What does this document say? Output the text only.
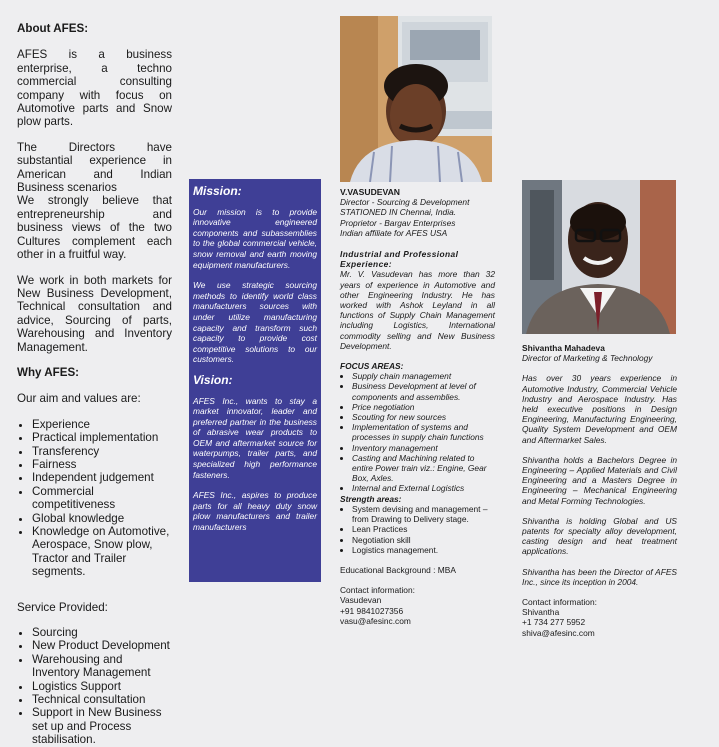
About AFES:

AFES is a business enterprise, a techno commercial consulting company with focus on Automotive parts and Snow plow parts.

The Directors have substantial experience in American and Indian Business scenarios

We strongly believe that entrepreneurship and business views of the two Cultures complement each other in a fruitful way.

We work in both markets for New Business Development, Technical consultation and advice, Sourcing of parts, Warehousing and Inventory Management.

Why AFES:

Our aim and values are:

• Experience
• Practical implementation
• Transferency
• Fairness
• Independent judgement
• Commercial competitiveness
• Global knowledge
• Knowledge on Automotive, Aerospace, Snow plow, Tractor and Trailer segments.

Service Provided:

• Sourcing
• New Product Development
• Warehousing and Inventory Management
• Logistics Support
• Technical consultation
• Support in New Business set up and Process stabilisation.
Mission:

Our mission is to provide innovative engineered components and subassemblies to the global commercial vehicle, snow removal and earth moving equipment manufacturers.

We use strategic sourcing methods to identify world class manufacturers sources with under utilize manufacturing capacity and transform such capacity to provide cost competitive solutions to our customers.

Vision:

AFES Inc., wants to stay a market innovator, leader and preferred partner in the business of abrasive wear products to OEM and aftermarket source for waterpumps, trailer parts, and specialized high performance fasteners.

AFES Inc., aspires to produce parts for all heavy duty snow plow manufacturers and trailer manufacturers

V.VASUDEVAN
Director - Sourcing & Development
STATIONED IN Chennai, India.
Proprietor - Bargav Enterprises
Indian affiliate for AFES USA
Industrial and Professional Experience:

Mr. V. Vasudevan has more than 32 years of experience in Automotive and other Engineering Industry. He has worked with Ashok Leyland in all functions of Supply Chain Management including Logistics, International commodity selling and New Business Development.

FOCUS AREAS:
• Supply chain management
• Business Development at level of components and assemblies.
• Price negotiation
• Scouting for new sources
• Implementation of systems and processes in supply chain functions
• Inventory management
• Casting and Machining related to entire Power train viz.: Engine, Gear Box, Axles.
• Internal and External Logistics
Strength areas:
• System devising and management – from Drawing to Delivery stage.
• Lean Practices
• Negotiation skill
• Logistics management.
Educational Background : MBA
Contact information:
Vasudevan
+91 9841027356
vasu@afesinc.com
Shivantha Mahadeva
Director of Marketing & Technology

Has over 30 years experience in Automotive Industry, Commercial Vehicle Industry and Aerospace Industry. Has held executive positions in Design Engineering, Manufacturing Engineering, Quality System Development and OEM and Aftermarket Sales.

Shivantha holds a Bachelors Degree in Engineering – Applied Materials and Civil Engineering and a Masters Degree in Engineering – Mechanical Engineering and Metal Forming Technologies.

Shivantha is holding Global and US patents for specialty alloy development, casting design and heat treatment applications.

Shivantha has been the Director of AFES Inc., since its inception in 2004.

Contact information:
Shivantha
+1 734 277 5952
shiva@afesinc.com
